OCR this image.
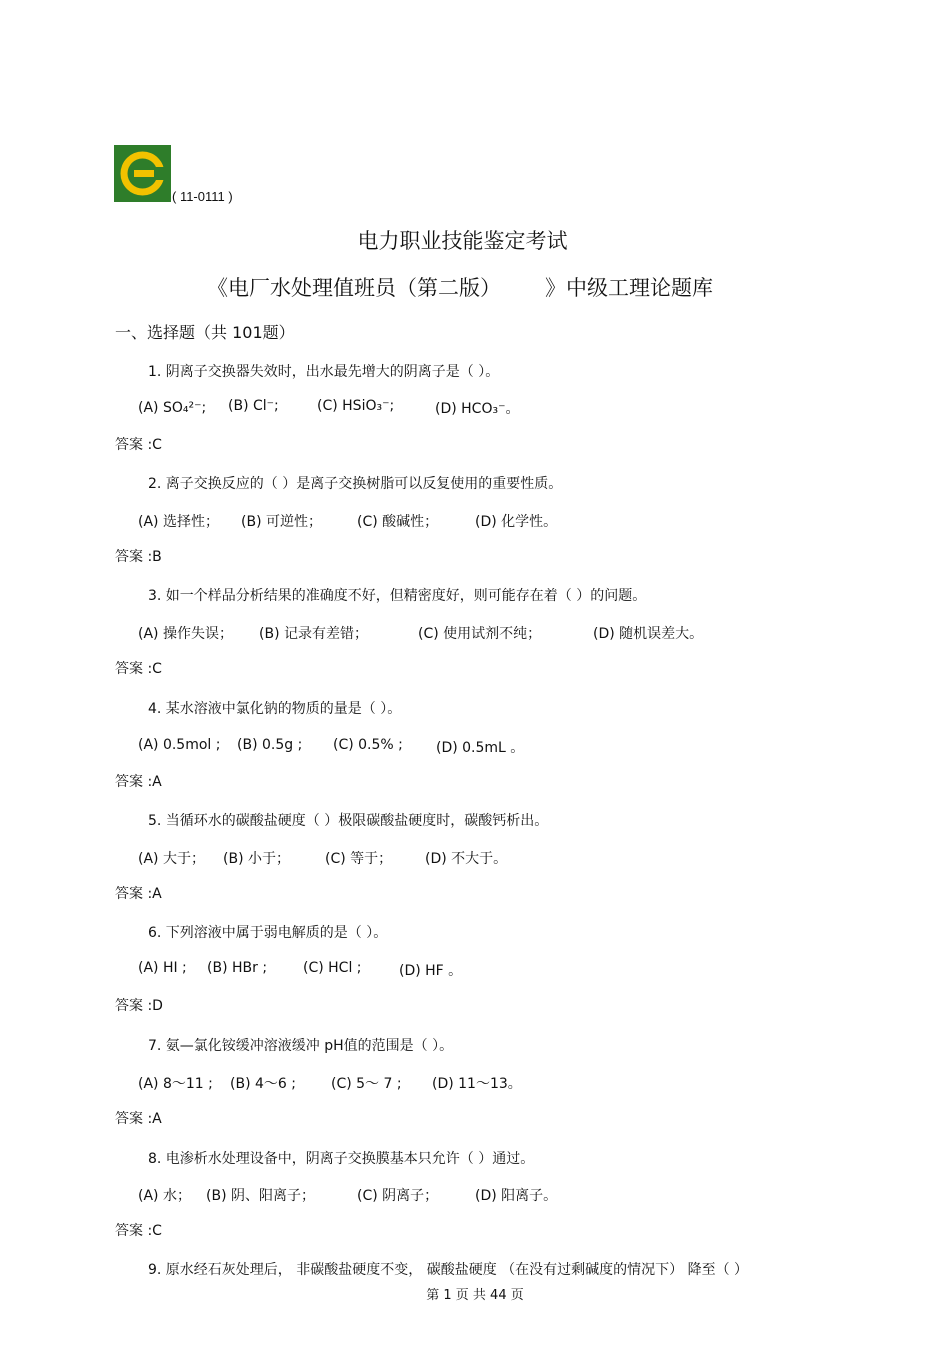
( 11-0111 )
电力职业技能鉴定考试
《电厂水处理值班员（第二版） 》中级工理论题库
一、选择题（共 101题）
1. 阴离子交换器失效时，出水最先增大的阴离子是（ ）。
(A) SO₄²⁻; (B) Cl⁻;	(C) HSiO₃⁻;	(D) HCO₃⁻。
答案 :C
2. 离子交换反应的（ ）是离子交换树脂可以反复使用的重要性质。
(A) 选择性； (B) 可逆性；	(C) 酸碱性；	(D) 化学性。
答案 :B
3. 如一个样品分析结果的准确度不好，但精密度好，则可能存在着（ ）的问题。
(A) 操作失误； (B) 记录有差错；	(C) 使用试剂不纯；	(D) 随机误差大。
答案 :C
4. 某水溶液中氯化钠的物质的量是（ ）。
(A) 0.5mol ; (B) 0.5g ; (C) 0.5% ; (D) 0.5mL 。
答案 :A
5. 当循环水的碳酸盐硬度（ ）极限碳酸盐硬度时，碳酸钙析出。
(A) 大于； (B) 小于；	(C) 等于； (D) 不大于。
答案 :A
6. 下列溶液中属于弱电解质的是（ ）。
(A) HI ; (B) HBr ;	(C) HCl ;	(D) HF 。
答案 :D
7. 氨—氯化铵缓冲溶液缓冲 pH值的范围是（ ）。
(A) 8～11 ; (B) 4～6 ;	(C) 5～ 7 ; (D) 11～13。
答案 :A
8. 电渗析水处理设备中，阴离子交换膜基本只允许（ ）通过。
(A) 水； (B) 阴、阳离子；	(C) 阴离子；	(D) 阳离子。
答案 :C
9. 原水经石灰处理后， 非碳酸盐硬度不变， 碳酸盐硬度 （在没有过剩碱度的情况下） 降至（ ）
第 1 页 共 44 页
